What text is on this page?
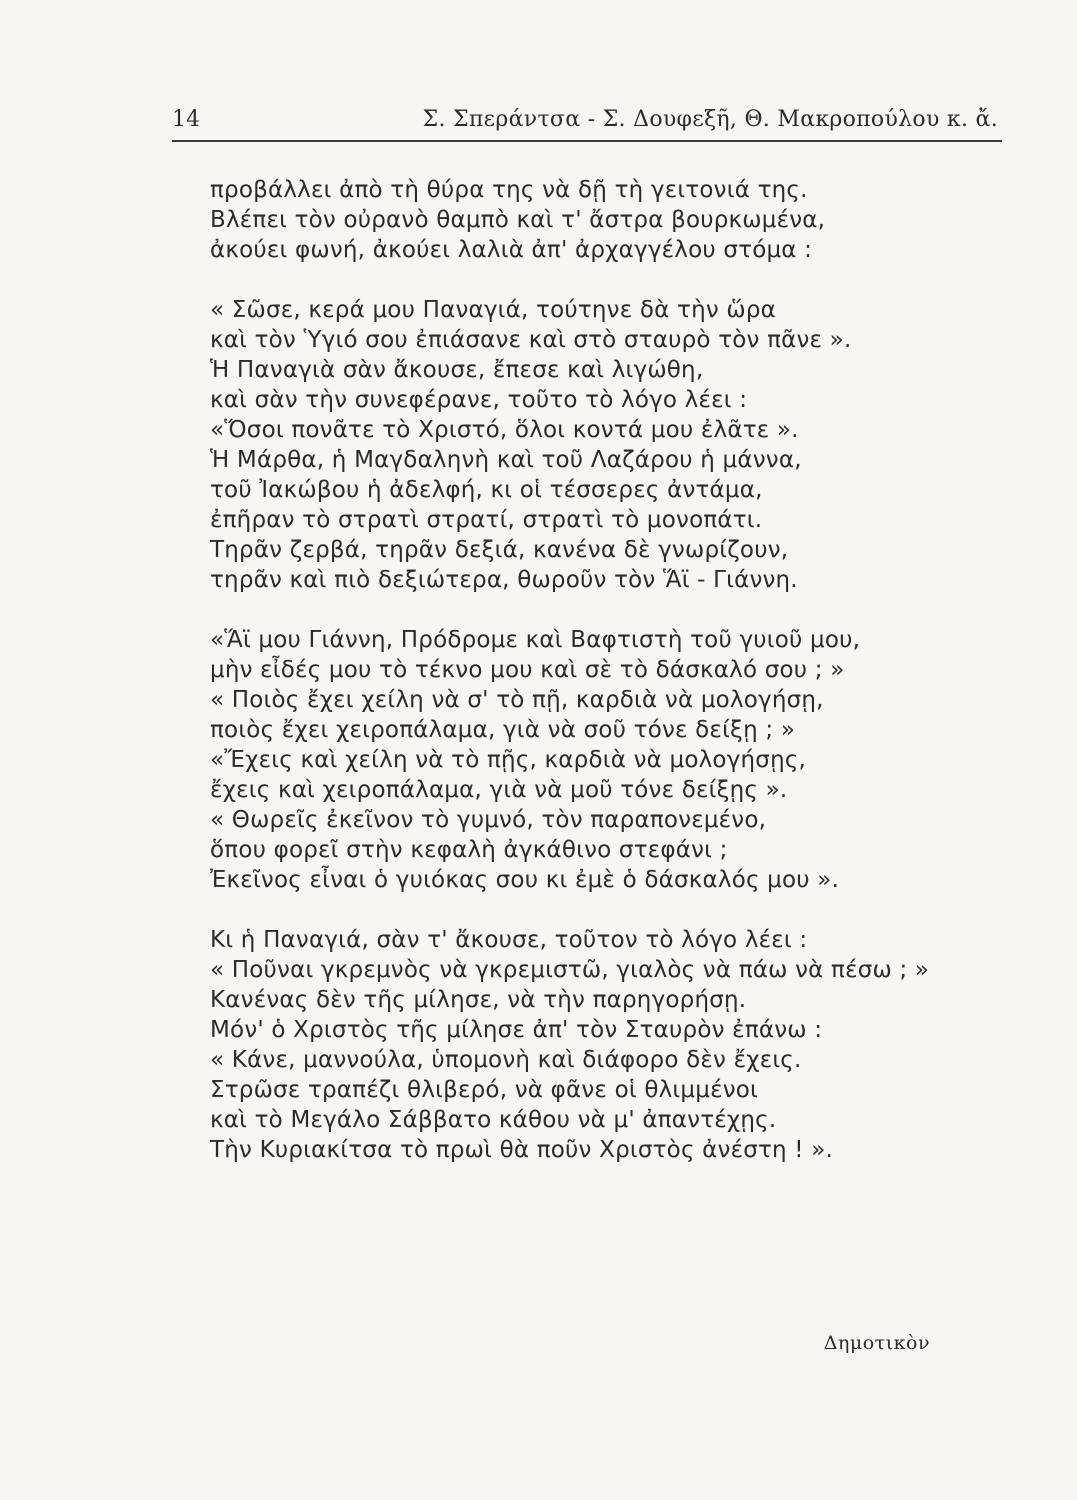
14	Σ. Σπεράντσα - Σ. Δουφεξῆ, Θ. Μακροπούλου κ. ἄ.
προβάλλει ἀπὸ τὴ θύρα της νὰ δῇ τὴ γειτονιά της.
Βλέπει τὸν οὐρανὸ θαμπὸ καὶ τ' ἄστρα βουρκωμένα,
ἀκούει φωνή, ἀκούει λαλιὰ ἀπ' ἀρχαγγέλου στόμα :
« Σῶσε, κερά μου Παναγιά, τούτηνε δὰ τὴν ὥρα
καὶ τὸν Ὑγιό σου ἐπιάσανε καὶ στὸ σταυρὸ τὸν πᾶνε ».
Ἡ Παναγιὰ σὰν ἄκουσε, ἔπεσε καὶ λιγώθη,
καὶ σὰν τὴν συνεφέρανε, τοῦτο τὸ λόγο λέει :
«Ὅσοι πονᾶτε τὸ Χριστό, ὅλοι κοντά μου ἐλᾶτε ».
Ἡ Μάρθα, ἡ Μαγδαληνὴ καὶ τοῦ Λαζάρου ἡ μάννα,
τοῦ Ἰακώβου ἡ ἀδελφή, κι οἱ τέσσερες ἀντάμα,
ἐπῆραν τὸ στρατὶ στρατί, στρατὶ τὸ μονοπάτι.
Τηρᾶν ζερβά, τηρᾶν δεξιά, κανένα δὲ γνωρίζουν,
τηρᾶν καὶ πιὸ δεξιώτερα, θωροῦν τὸν Ἅϊ - Γιάννη.
«Ἅϊ μου Γιάννη, Πρόδρομε καὶ Βαφτιστὴ τοῦ γυιοῦ μου,
μὴν εἶδές μου τὸ τέκνο μου καὶ σὲ τὸ δάσκαλό σου ; »
« Ποιὸς ἔχει χείλη νὰ σ' τὸ πῇ, καρδιὰ νὰ μολογήσῃ,
ποιὸς ἔχει χειροπάλαμα, γιὰ νὰ σοῦ τόνε δείξῃ ; »
«Ἔχεις καὶ χείλη νὰ τὸ πῇς, καρδιὰ νὰ μολογήσῃς,
ἔχεις καὶ χειροπάλαμα, γιὰ νὰ μοῦ τόνε δείξῃς ».
« Θωρεῖς ἐκεῖνον τὸ γυμνό, τὸν παραπονεμένο,
ὅπου φορεῖ στὴν κεφαλὴ ἀγκάθινο στεφάνι ;
Ἐκεῖνος εἶναι ὁ γυιόκας σου κι ἐμὲ ὁ δάσκαλός μου ».
Κι ἡ Παναγιά, σὰν τ' ἄκουσε, τοῦτον τὸ λόγο λέει :
« Ποῦναι γκρεμνὸς νὰ γκρεμιστῶ, γιαλὸς νὰ πάω νὰ πέσω ; »
Κανένας δὲν τῆς μίλησε, νὰ τὴν παρηγορήσῃ.
Μόν' ὁ Χριστὸς τῆς μίλησε ἀπ' τὸν Σταυρὸν ἐπάνω :
« Κάνε, μαννούλα, ὑπομονὴ καὶ διάφορο δὲν ἔχεις.
Στρῶσε τραπέζι θλιβερό, νὰ φᾶνε οἱ θλιμμένοι
καὶ τὸ Μεγάλο Σάββατο κάθου νὰ μ' ἀπαντέχῃς.
Τὴν Κυριακίτσα τὸ πρωὶ θὰ ποῦν Χριστὸς ἀνέστη ! ».
Δημοτικὸν
